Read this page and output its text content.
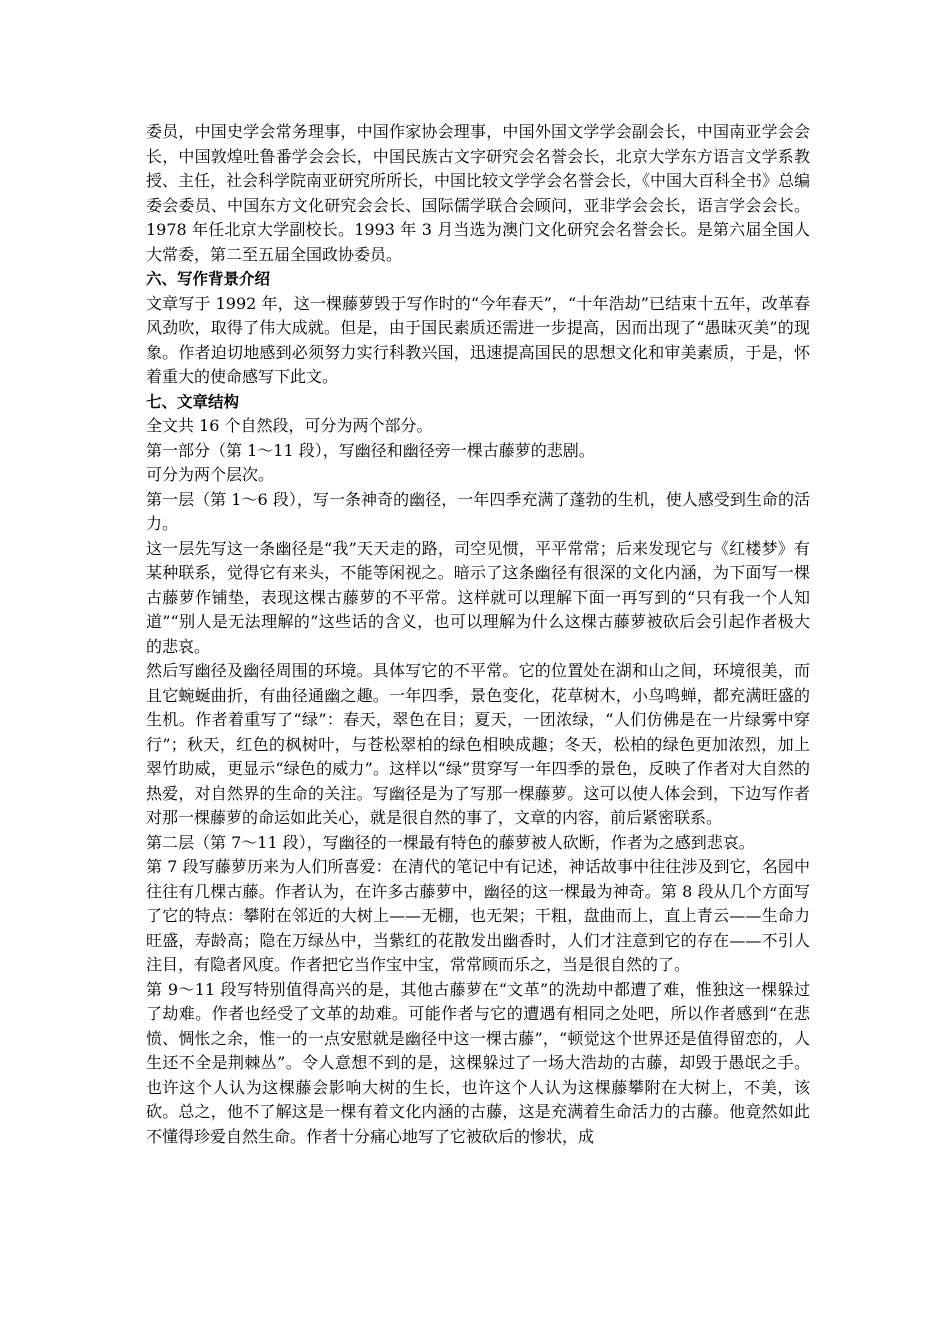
委员，中国史学会常务理事，中国作家协会理事，中国外国文学学会副会长，中国南亚学会会长，中国敦煌吐鲁番学会会长，中国民族古文字研究会名誉会长，北京大学东方语言文学系教授、主任，社会科学院南亚研究所所长，中国比较文学学会名誉会长，《中国大百科全书》总编委会委员、中国东方文化研究会会长、国际儒学联合会顾问，亚非学会会长，语言学会会长。1978 年任北京大学副校长。1993 年 3 月当选为澳门文化研究会名誉会长。是第六届全国人大常委，第二至五届全国政协委员。

六、写作背景介绍

文章写于 1992 年，这一棵藤萝毁于写作时的“今年春天”，“十年浩劫”已结束十五年，改革春风劲吹，取得了伟大成就。但是，由于国民素质还需进一步提高，因而出现了“愚昧灭美”的现象。作者迫切地感到必须努力实行科教兴国，迅速提高国民的思想文化和审美素质，于是，怀着重大的使命感写下此文。

七、文章结构

全文共 16 个自然段，可分为两个部分。

第一部分（第 1～11 段），写幽径和幽径旁一棵古藤萝的悲剧。

可分为两个层次。

第一层（第 1～6 段），写一条神奇的幽径，一年四季充满了蓬勃的生机，使人感受到生命的活力。

这一层先写这一条幽径是“我”天天走的路，司空见惯，平平常常；后来发现它与《红楼梦》有某种联系，觉得它有来头，不能等闲视之。暗示了这条幽径有很深的文化内涵，为下面写一棵古藤萝作铺垫，表现这棵古藤萝的不平常。这样就可以理解下面一再写到的“只有我一个人知道”“别人是无法理解的”这些话的含义，也可以理解为什么这棵古藤萝被砍后会引起作者极大的悲哀。

然后写幽径及幽径周围的环境。具体写它的不平常。它的位置处在湖和山之间，环境很美，而且它蜿蜒曲折，有曲径通幽之趣。一年四季，景色变化，花草树木，小鸟鸣蝉，都充满旺盛的生机。作者着重写了“绿”：春天，翠色在目；夏天，一团浓绿，“人们仿佛是在一片绿雾中穿行”；秋天，红色的枫树叶，与苍松翠柏的绿色相映成趣；冬天，松柏的绿色更加浓烈，加上翠竹助威，更显示“绿色的威力”。这样以“绿”贯穿写一年四季的景色，反映了作者对大自然的热爱，对自然界的生命的关注。写幽径是为了写那一棵藤萝。这可以使人体会到，下边写作者对那一棵藤萝的命运如此关心，就是很自然的事了，文章的内容，前后紧密联系。

第二层（第 7～11 段），写幽径的一棵最有特色的藤萝被人砍断，作者为之感到悲哀。

第 7 段写藤萝历来为人们所喜爱：在清代的笔记中有记述，神话故事中往往涉及到它，名园中往往有几棵古藤。作者认为，在许多古藤萝中，幽径的这一棵最为神奇。第 8 段从几个方面写了它的特点：攀附在邻近的大树上——无棚，也无架；干粗，盘曲而上，直上青云——生命力旺盛，寿龄高；隐在万绿丛中，当紫红的花散发出幽香时，人们才注意到它的存在——不引人注目，有隐者风度。作者把它当作宝中宝，常常顾而乐之，当是很自然的了。

第 9～11 段写特别值得高兴的是，其他古藤萝在“文革”的洗劫中都遭了难，惟独这一棵躲过了劫难。作者也经受了文革的劫难。可能作者与它的遭遇有相同之处吧，所以作者感到“在悲愤、惆怅之余，惟一的一点安慰就是幽径中这一棵古藤”，“顿觉这个世界还是值得留恋的，人生还不全是荆棘丛”。令人意想不到的是，这棵躲过了一场大浩劫的古藤，却毁于愚氓之手。也许这个人认为这棵藤会影响大树的生长，也许这个人认为这棵藤攀附在大树上，不美，该砍。总之，他不了解这是一棵有着文化内涵的古藤，这是充满着生命活力的古藤。他竟然如此不懂得珍爱自然生命。作者十分痛心地写了它被砍后的惨状，成
